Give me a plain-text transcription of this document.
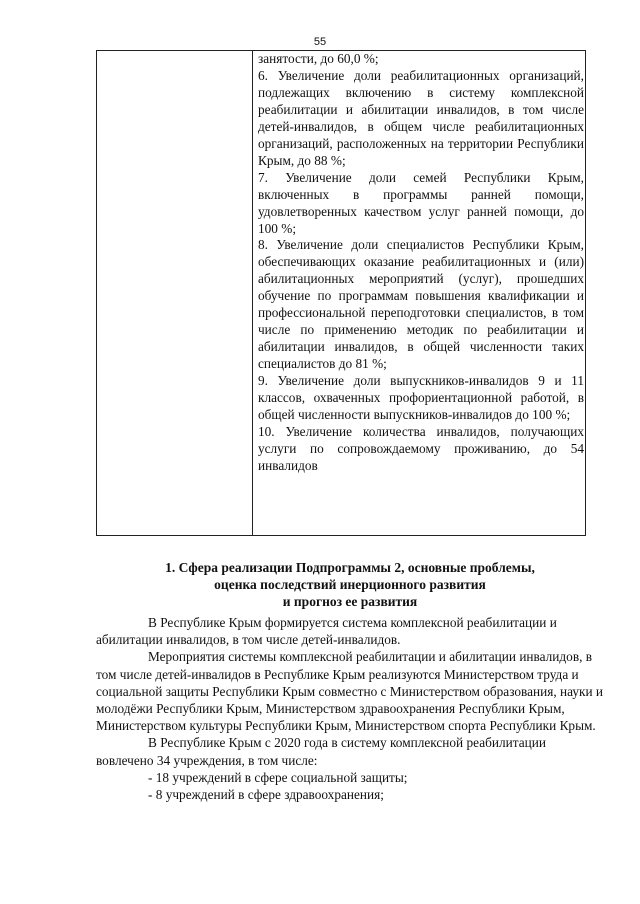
55

занятости, до 60,0 %;

6. Увеличение доли реабилитационных организаций, подлежащих включению в систему комплексной реабилитации и абилитации инвалидов, в том числе детей-инвалидов, в общем числе реабилитационных организаций, расположенных на территории Республики Крым, до 88 %;

7. Увеличение доли семей Республики Крым, включенных в программы ранней помощи, удовлетворенных качеством услуг ранней помощи, до 100 %;

8. Увеличение доли специалистов Республики Крым, обеспечивающих оказание реабилитационных и (или) абилитационных мероприятий (услуг), прошедших обучение по программам повышения квалификации и профессиональной переподготовки специалистов, в том числе по применению методик по реабилитации и абилитации инвалидов, в общей численности таких специалистов до 81 %;

9. Увеличение доли выпускников-инвалидов 9 и 11 классов, охваченных профориентационной работой, в общей численности выпускников-инвалидов до 100 %;

10. Увеличение количества инвалидов, получающих услуги по сопровождаемому проживанию, до 54 инвалидов

1. Сфера реализации Подпрограммы 2, основные проблемы,
оценка последствий инерционного развития
и прогноз ее развития

В Республике Крым формируется система комплексной реабилитации и абилитации инвалидов, в том числе детей-инвалидов.

Мероприятия системы комплексной реабилитации и абилитации инвалидов, в том числе детей-инвалидов в Республике Крым реализуются Министерством труда и социальной защиты Республики Крым совместно с Министерством образования, науки и молодёжи Республики Крым, Министерством здравоохранения Республики Крым, Министерством культуры Республики Крым, Министерством спорта Республики Крым.

В Республике Крым с 2020 года в систему комплексной реабилитации вовлечено 34 учреждения, в том числе:

- 18 учреждений в сфере социальной защиты;

- 8 учреждений в сфере здравоохранения;
